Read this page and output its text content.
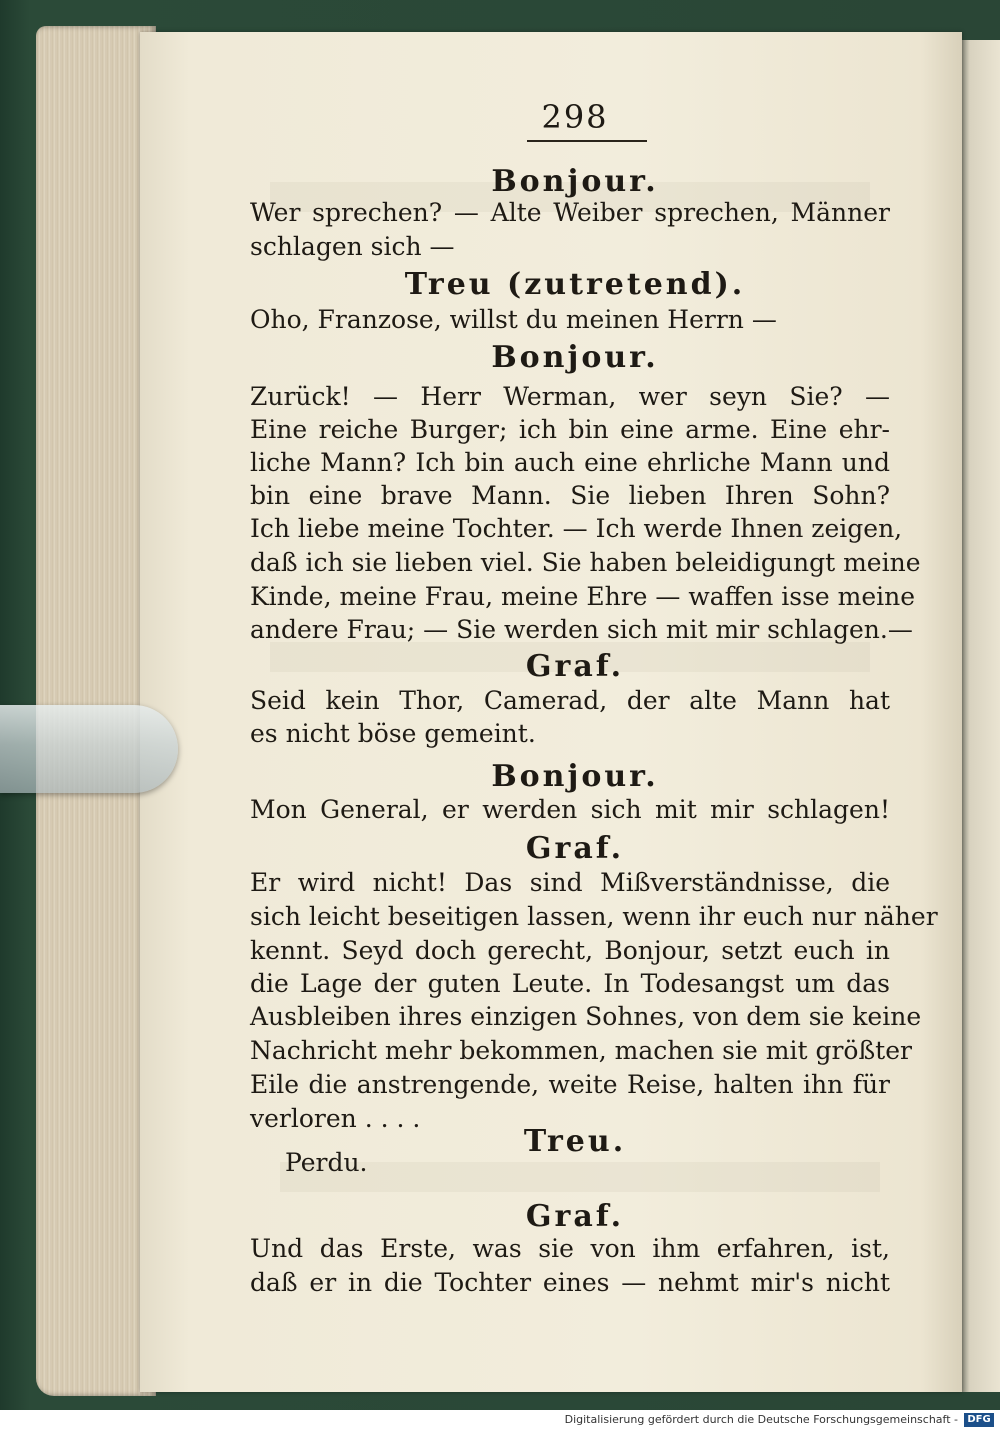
298
Bonjour.
Wer sprechen? — Alte Weiber sprechen, Männer
schlagen sich —
Treu (zutretend).
Oho, Franzose, willst du meinen Herrn —
Bonjour.
Zurück! — Herr Werman, wer seyn Sie? —
Eine reiche Burger; ich bin eine arme. Eine ehr-
liche Mann? Ich bin auch eine ehrliche Mann und
bin eine brave Mann. Sie lieben Ihren Sohn?
Ich liebe meine Tochter. — Ich werde Ihnen zeigen,
daß ich sie lieben viel. Sie haben beleidigungt meine
Kinde, meine Frau, meine Ehre — waffen isse meine
andere Frau; — Sie werden sich mit mir schlagen.—
Graf.
Seid kein Thor, Camerad, der alte Mann hat
es nicht böse gemeint.
Bonjour.
Mon General, er werden sich mit mir schlagen!
Graf.
Er wird nicht! Das sind Mißverständnisse, die
sich leicht beseitigen lassen, wenn ihr euch nur näher
kennt. Seyd doch gerecht, Bonjour, setzt euch in
die Lage der guten Leute. In Todesangst um das
Ausbleiben ihres einzigen Sohnes, von dem sie keine
Nachricht mehr bekommen, machen sie mit größter
Eile die anstrengende, weite Reise, halten ihn für
verloren . . . .
Treu.
Perdu.
Graf.
Und das Erste, was sie von ihm erfahren, ist,
daß er in die Tochter eines — nehmt mir's nicht
Digitalisierung gefördert durch die Deutsche Forschungsgemeinschaft - DFG
